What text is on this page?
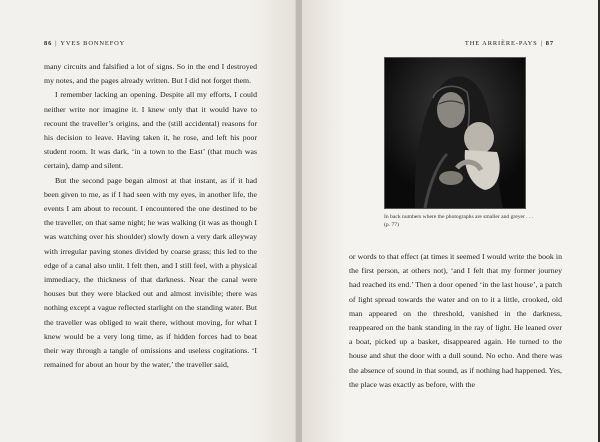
86 | YVES BONNEFOY

many circuits and falsified a lot of signs. So in the end I destroyed my notes, and the pages already written. But I did not forget them.

I remember lacking an opening. Despite all my efforts, I could neither write nor imagine it. I knew only that it would have to recount the traveller’s origins, and the (still accidental) reasons for his decision to leave. Having taken it, he rose, and left his poor student room. It was dark, ‘in a town to the East’ (that much was certain), damp and silent.

But the second page began almost at that instant, as if it had been given to me, as if I had seen with my eyes, in another life, the events I am about to recount. I encountered the one destined to be the traveller, on that same night; he was walking (it was as though I was watching over his shoulder) slowly down a very dark alleyway with irregular paving stones divided by coarse grass; this led to the edge of a canal also unlit. I felt then, and I still feel, with a physical immediacy, the thickness of that darkness. Near the canal were houses but they were blacked out and almost invisible; there was nothing except a vague reflected starlight on the standing water. But the traveller was obliged to wait there, without moving, for what I knew would be a very long time, as if hidden forces had to beat their way through a tangle of omissions and useless cogitations. ‘I remained for about an hour by the water,’ the traveller said,

THE ARRIÈRE-PAYS | 87
In back numbers where the photographs are smaller and greyer . . . (p. 77)

or words to that effect (at times it seemed I would write the book in the first person, at others not), ‘and I felt that my former journey had reached its end.’ Then a door opened ‘in the last house’, a patch of light spread towards the water and on to it a little, crooked, old man appeared on the threshold, vanished in the darkness, reappeared on the bank standing in the ray of light. He leaned over a boat, picked up a basket, disappeared again. He turned to the house and shut the door with a dull sound. No echo. And there was the absence of sound in that sound, as if nothing had happened. Yes, the place was exactly as before, with the
